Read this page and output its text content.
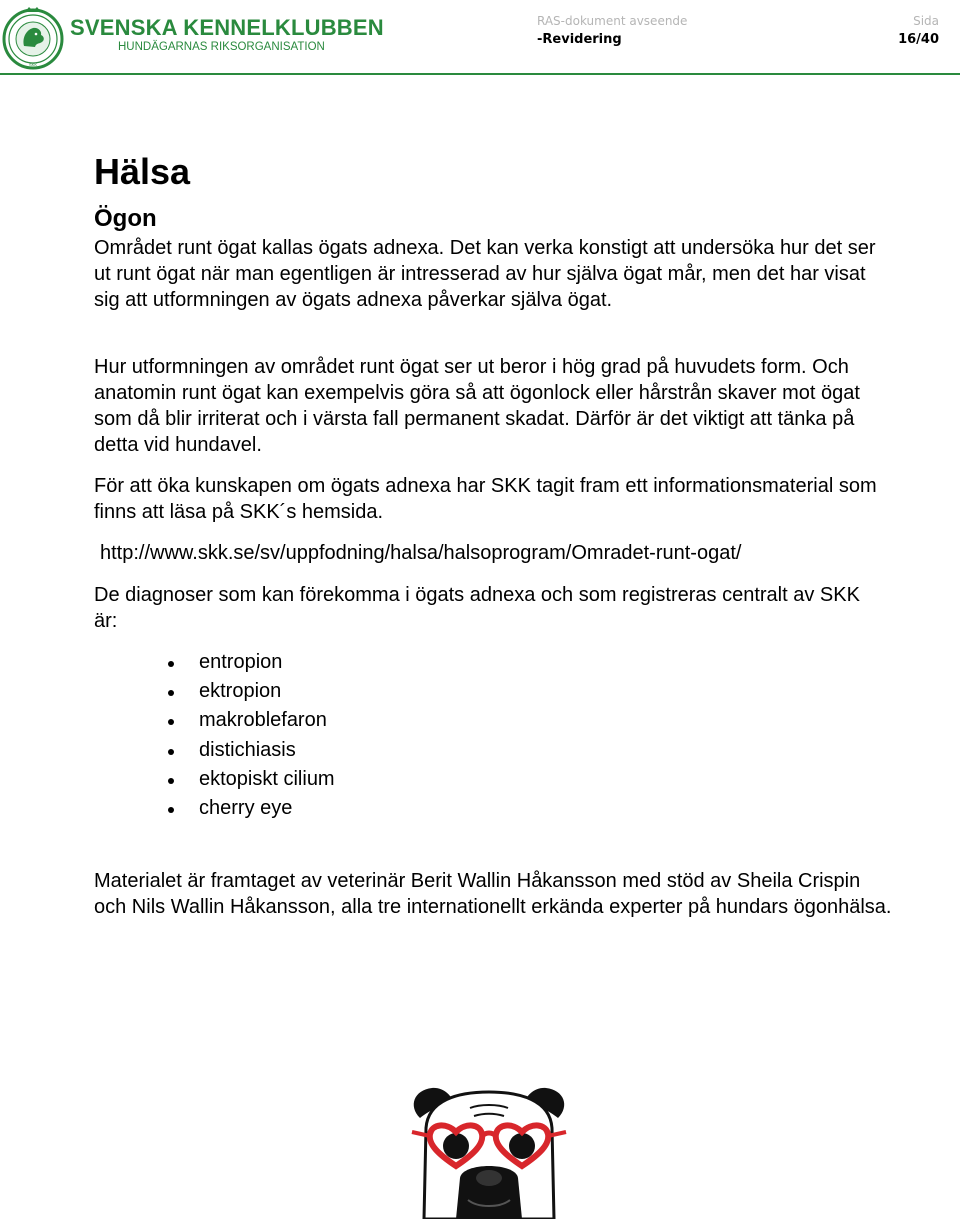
SKK
SVENSKA KENNELKLUBBEN
HUNDÄGARNAS RIKSORGANISATION
RAS-dokument avseende
-Revidering
Sida
16/40
Hälsa
Ögon

Området runt ögat kallas ögats adnexa. Det kan verka konstigt att undersöka hur det ser ut runt ögat när man egentligen är intresserad av hur själva ögat mår, men det har visat sig att utformningen av ögats adnexa påverkar själva ögat.

Hur utformningen av området runt ögat ser ut beror i hög grad på huvudets form. Och anatomin runt ögat kan exempelvis göra så att ögonlock eller hårstrån skaver mot ögat som då blir irriterat och i värsta fall permanent skadat. Därför är det viktigt att tänka på detta vid hundavel.

För att öka kunskapen om ögats adnexa har SKK tagit fram ett informationsmaterial som finns att läsa på SKK´s hemsida.

http://www.skk.se/sv/uppfodning/halsa/halsoprogram/Omradet-runt-ogat/

De diagnoser som kan förekomma i ögats adnexa och som registreras centralt av SKK är:

entropion
ektropion
makroblefaron
distichiasis
ektopiskt cilium
cherry eye

Materialet är framtaget av veterinär Berit Wallin Håkansson med stöd av Sheila Crispin och Nils Wallin Håkansson, alla tre internationellt erkända experter på hundars ögonhälsa.
